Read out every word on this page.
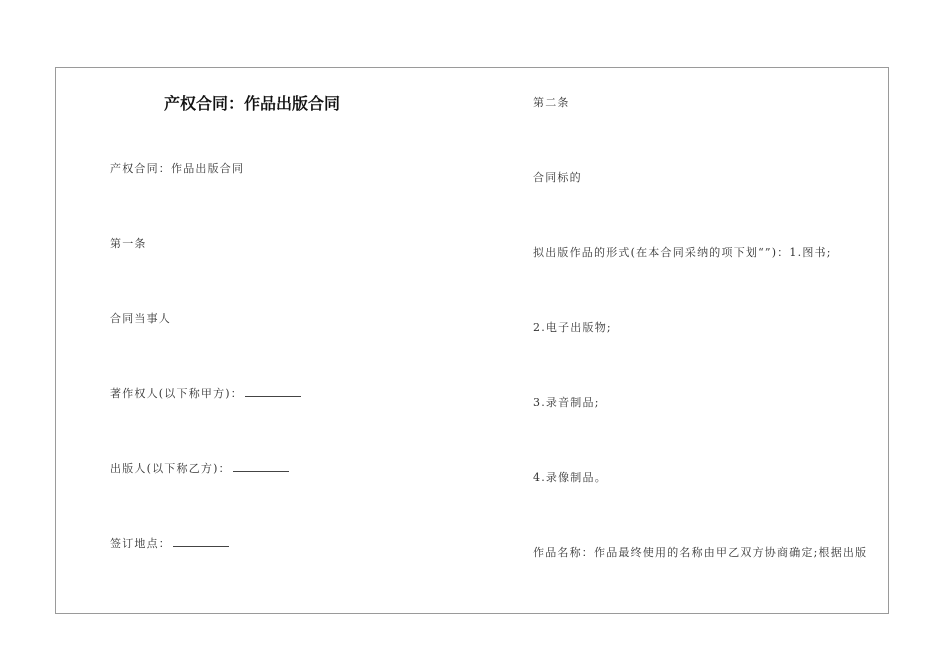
产权合同：作品出版合同
产权合同：作品出版合同
第一条
合同当事人
著作权人(以下称甲方)：
出版人(以下称乙方)：
签订地点：
第二条
合同标的
拟出版作品的形式(在本合同采纳的项下划“”)：1.图书;
2.电子出版物;
3.录音制品;
4.录像制品。
作品名称：作品最终使用的名称由甲乙双方协商确定;根据出版
